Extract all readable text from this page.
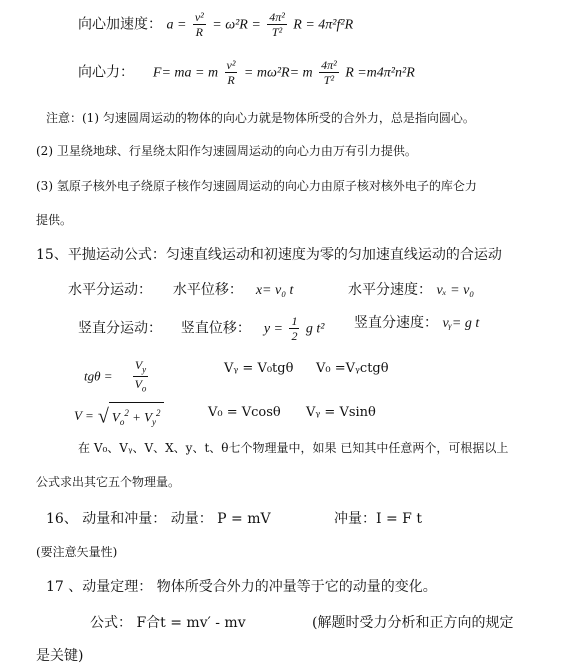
向心加速度： $a = \frac{\text{v²}}{R} = \omega^2R = \frac{\text{4π²}}{\text{T²}}$ R = 4π²f²R
向心力： F= ma = m $\frac{\text{v²}}{R} = m\omega^2R= m \frac{\text{4π²}}{\text{T²}}$ R =m4π²n²R
注意：(1) 匀速圆周运动的物体的向心力就是物体所受的合外力，总是指向圆心。
(2) 卫星绕地球、行星绕太阳作匀速圆周运动的向心力由万有引力提供。
(3) 氢原子核外电子绕原子核作匀速圆周运动的向心力由原子核对核外电子的库仑力
提供。
15、平抛运动公式：匀速直线运动和初速度为零的匀加速直线运动的合运动
水平分运动： 水平位移： x= v₀ t	水平分速度： vₓ = v₀
竖直分运动： 竖直位移： $y = \frac{1}{2}$ g t² 竖直分速度： vᵧ= g t
$tg\theta = \frac{V_y}{V_o}$	Vᵧ = V₀tgθ V₀ =Vᵧctgθ
V = √ $V_o^2 + V_y^2$	V₀ = Vcosθ Vᵧ = Vsinθ
在 V₀、Vᵧ、V、X、y、t、θ七个物理量中，如果 已知其中任意两个，可根据以上
公式求出其它五个物理量。
16、 动量和冲量： 动量： P = mV	冲量：I = F t
(要注意矢量性)
17 、动量定理： 物体所受合外力的冲量等于它的动量的变化。
公式： F合t = mv′ - mv	(解题时受力分析和正方向的规定
是关键)
